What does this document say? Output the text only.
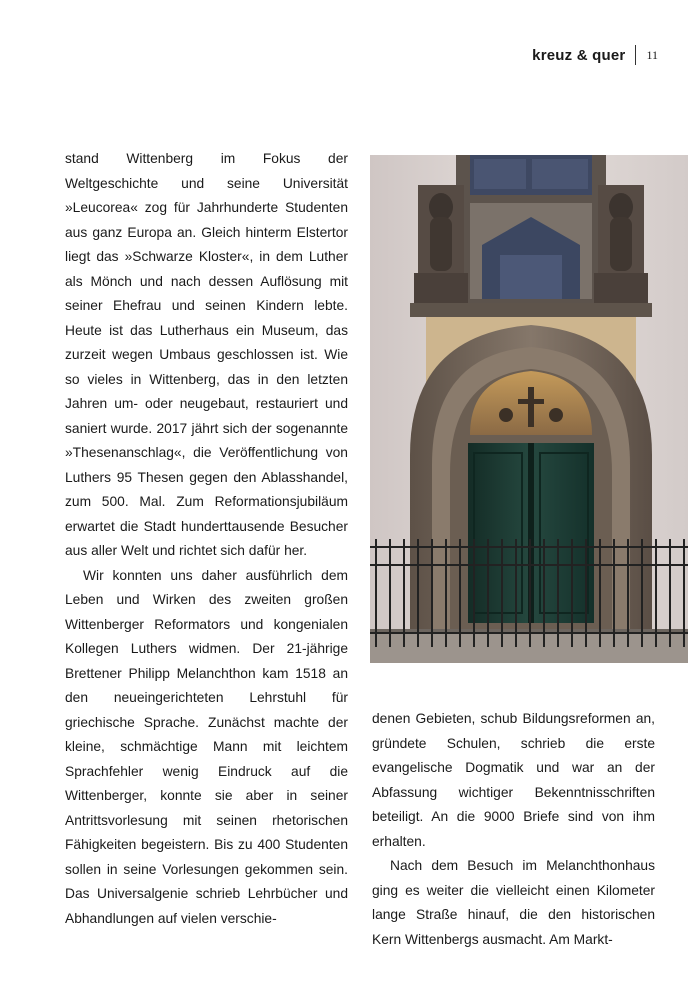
kreuz & quer 11

stand Wittenberg im Fokus der Weltgeschichte und seine Universität »Leucorea« zog für Jahrhunderte Studenten aus ganz Europa an. Gleich hinterm Elstertor liegt das »Schwarze Kloster«, in dem Luther als Mönch und nach dessen Auflösung mit seiner Ehefrau und seinen Kindern lebte. Heute ist das Lutherhaus ein Museum, das zurzeit wegen Umbaus geschlossen ist. Wie so vieles in Wittenberg, das in den letzten Jahren um- oder neugebaut, restauriert und saniert wurde. 2017 jährt sich der sogenannte »Thesenanschlag«, die Veröffentlichung von Luthers 95 Thesen gegen den Ablasshandel, zum 500. Mal. Zum Reformationsjubiläum erwartet die Stadt hunderttausende Besucher aus aller Welt und richtet sich dafür her.

Wir konnten uns daher ausführlich dem Leben und Wirken des zweiten großen Wittenberger Reformators und kongenialen Kollegen Luthers widmen. Der 21-jährige Brettener Philipp Melanchthon kam 1518 an den neueingerichteten Lehrstuhl für griechische Sprache. Zunächst machte der kleine, schmächtige Mann mit leichtem Sprachfehler wenig Eindruck auf die Wittenberger, konnte sie aber in seiner Antrittsvorlesung mit seinen rhetorischen Fähigkeiten begeistern. Bis zu 400 Studenten sollen in seine Vorlesungen gekommen sein. Das Universalgenie schrieb Lehrbücher und Abhandlungen auf vielen verschie-

denen Gebieten, schub Bildungsreformen an, gründete Schulen, schrieb die erste evangelische Dogmatik und war an der Abfassung wichtiger Bekenntnisschriften beteiligt. An die 9000 Briefe sind von ihm erhalten.

Nach dem Besuch im Melanchthonhaus ging es weiter die vielleicht einen Kilometer lange Straße hinauf, die den historischen Kern Wittenbergs ausmacht. Am Markt-
